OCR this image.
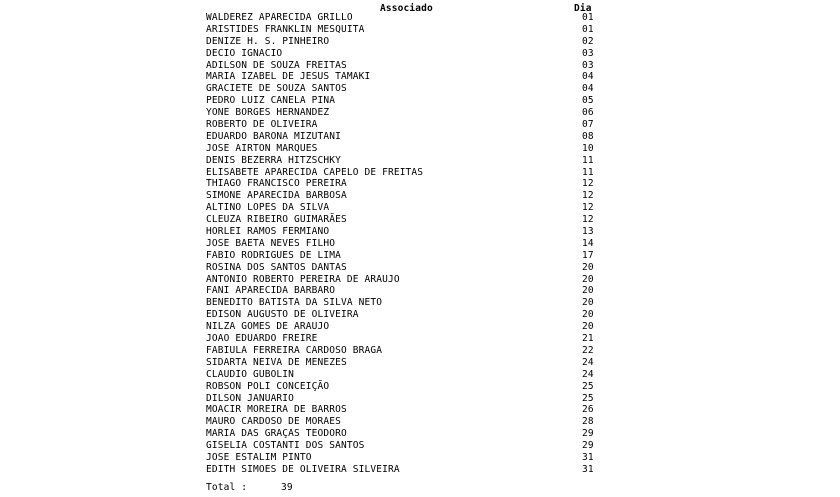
Associado	Dia
WALDEREZ APARECIDA GRILLO	01
ARISTIDES FRANKLIN MESQUITA	01
DENIZE H. S. PINHEIRO	02
DECIO IGNACIO	03
ADILSON DE SOUZA FREITAS	03
MARIA IZABEL DE JESUS TAMAKI	04
GRACIETE DE SOUZA SANTOS	04
PEDRO LUIZ CANELA PINA	05
YONE BORGES HERNANDEZ	06
ROBERTO DE OLIVEIRA	07
EDUARDO BARONA MIZUTANI	08
JOSE AIRTON MARQUES	10
DENIS BEZERRA HITZSCHKY	11
ELISABETE APARECIDA CAPELO DE FREITAS	11
THIAGO FRANCISCO PEREIRA	12
SIMONE APARECIDA BARBOSA	12
ALTINO LOPES DA SILVA	12
CLEUZA RIBEIRO GUIMARÃES	12
HORLEI RAMOS FERMIANO	13
JOSE BAETA NEVES FILHO	14
FABIO RODRIGUES DE LIMA	17
ROSINA DOS SANTOS DANTAS	20
ANTONIO ROBERTO PEREIRA DE ARAUJO	20
FANI APARECIDA BARBARO	20
BENEDITO BATISTA DA SILVA NETO	20
EDISON AUGUSTO DE OLIVEIRA	20
NILZA GOMES DE ARAUJO	20
JOAO EDUARDO FREIRE	21
FABIULA FERREIRA CARDOSO BRAGA	22
SIDARTA NEIVA DE MENEZES	24
CLAUDIO GUBOLIN	24
ROBSON POLI CONCEIÇÃO	25
DILSON JANUARIO	25
MOACIR MOREIRA DE BARROS	26
MAURO CARDOSO DE MORAES	28
MARIA DAS GRAÇAS TEODORO	29
GISELIA COSTANTI DOS SANTOS	29
JOSE ESTALIM PINTO	31
EDITH SIMOES DE OLIVEIRA SILVEIRA	31
Total :	39
